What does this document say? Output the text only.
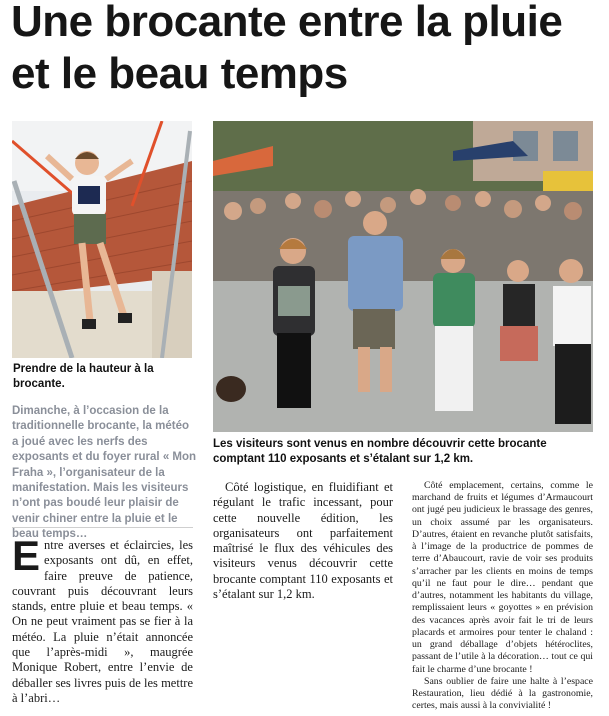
Une brocante entre la pluie et le beau temps

Prendre de la hauteur à la brocante.

Les visiteurs sont venus en nombre découvrir cette brocante comptant 110 exposants et s’étalant sur 1,2 km.

Dimanche, à l’occasion de la traditionnelle brocante, la météo a joué avec les nerfs des exposants et du foyer rural « Mon Fraha », l’organisateur de la manifestation. Mais les visiteurs n’ont pas boudé leur plaisir de venir chiner entre la pluie et le beau temps…

Entre averses et éclaircies, les exposants ont dû, en effet, faire preuve de patience, couvrant puis découvrant leurs stands, entre pluie et beau temps. « On ne peut vraiment pas se fier à la météo. La pluie n’était annoncée que l’après-midi », maugrée Monique Robert, entre l’envie de déballer ses livres puis de les mettre à l’abri…

Côté logistique, en fluidifiant et régulant le trafic incessant, pour cette nouvelle édition, les organisateurs ont parfaitement maîtrisé le flux des véhicules des visiteurs venus découvrir cette brocante comptant 110 exposants et s’étalant sur 1,2 km.

Côté emplacement, certains, comme le marchand de fruits et légumes d’Armaucourt ont jugé peu judicieux le brassage des genres, un choix assumé par les organisateurs. D’autres, étaient en revanche plutôt satisfaits, à l’image de la productrice de pommes de terre d’Abaucourt, ravie de voir ses produits s’arracher par les clients en moins de temps qu’il ne faut pour le dire… pendant que d’autres, notamment les habitants du village, remplissaient leurs « goyottes » en prévision des vacances après avoir fait le tri de leurs placards et armoires pour tenter le chaland : un grand déballage d’objets hétéroclites, passant de l’utile à la décoration… tout ce qui fait le charme d’une brocante !

Sans oublier de faire une halte à l’espace Restauration, lieu dédié à la gastronomie, certes, mais aussi à la convivialité !
